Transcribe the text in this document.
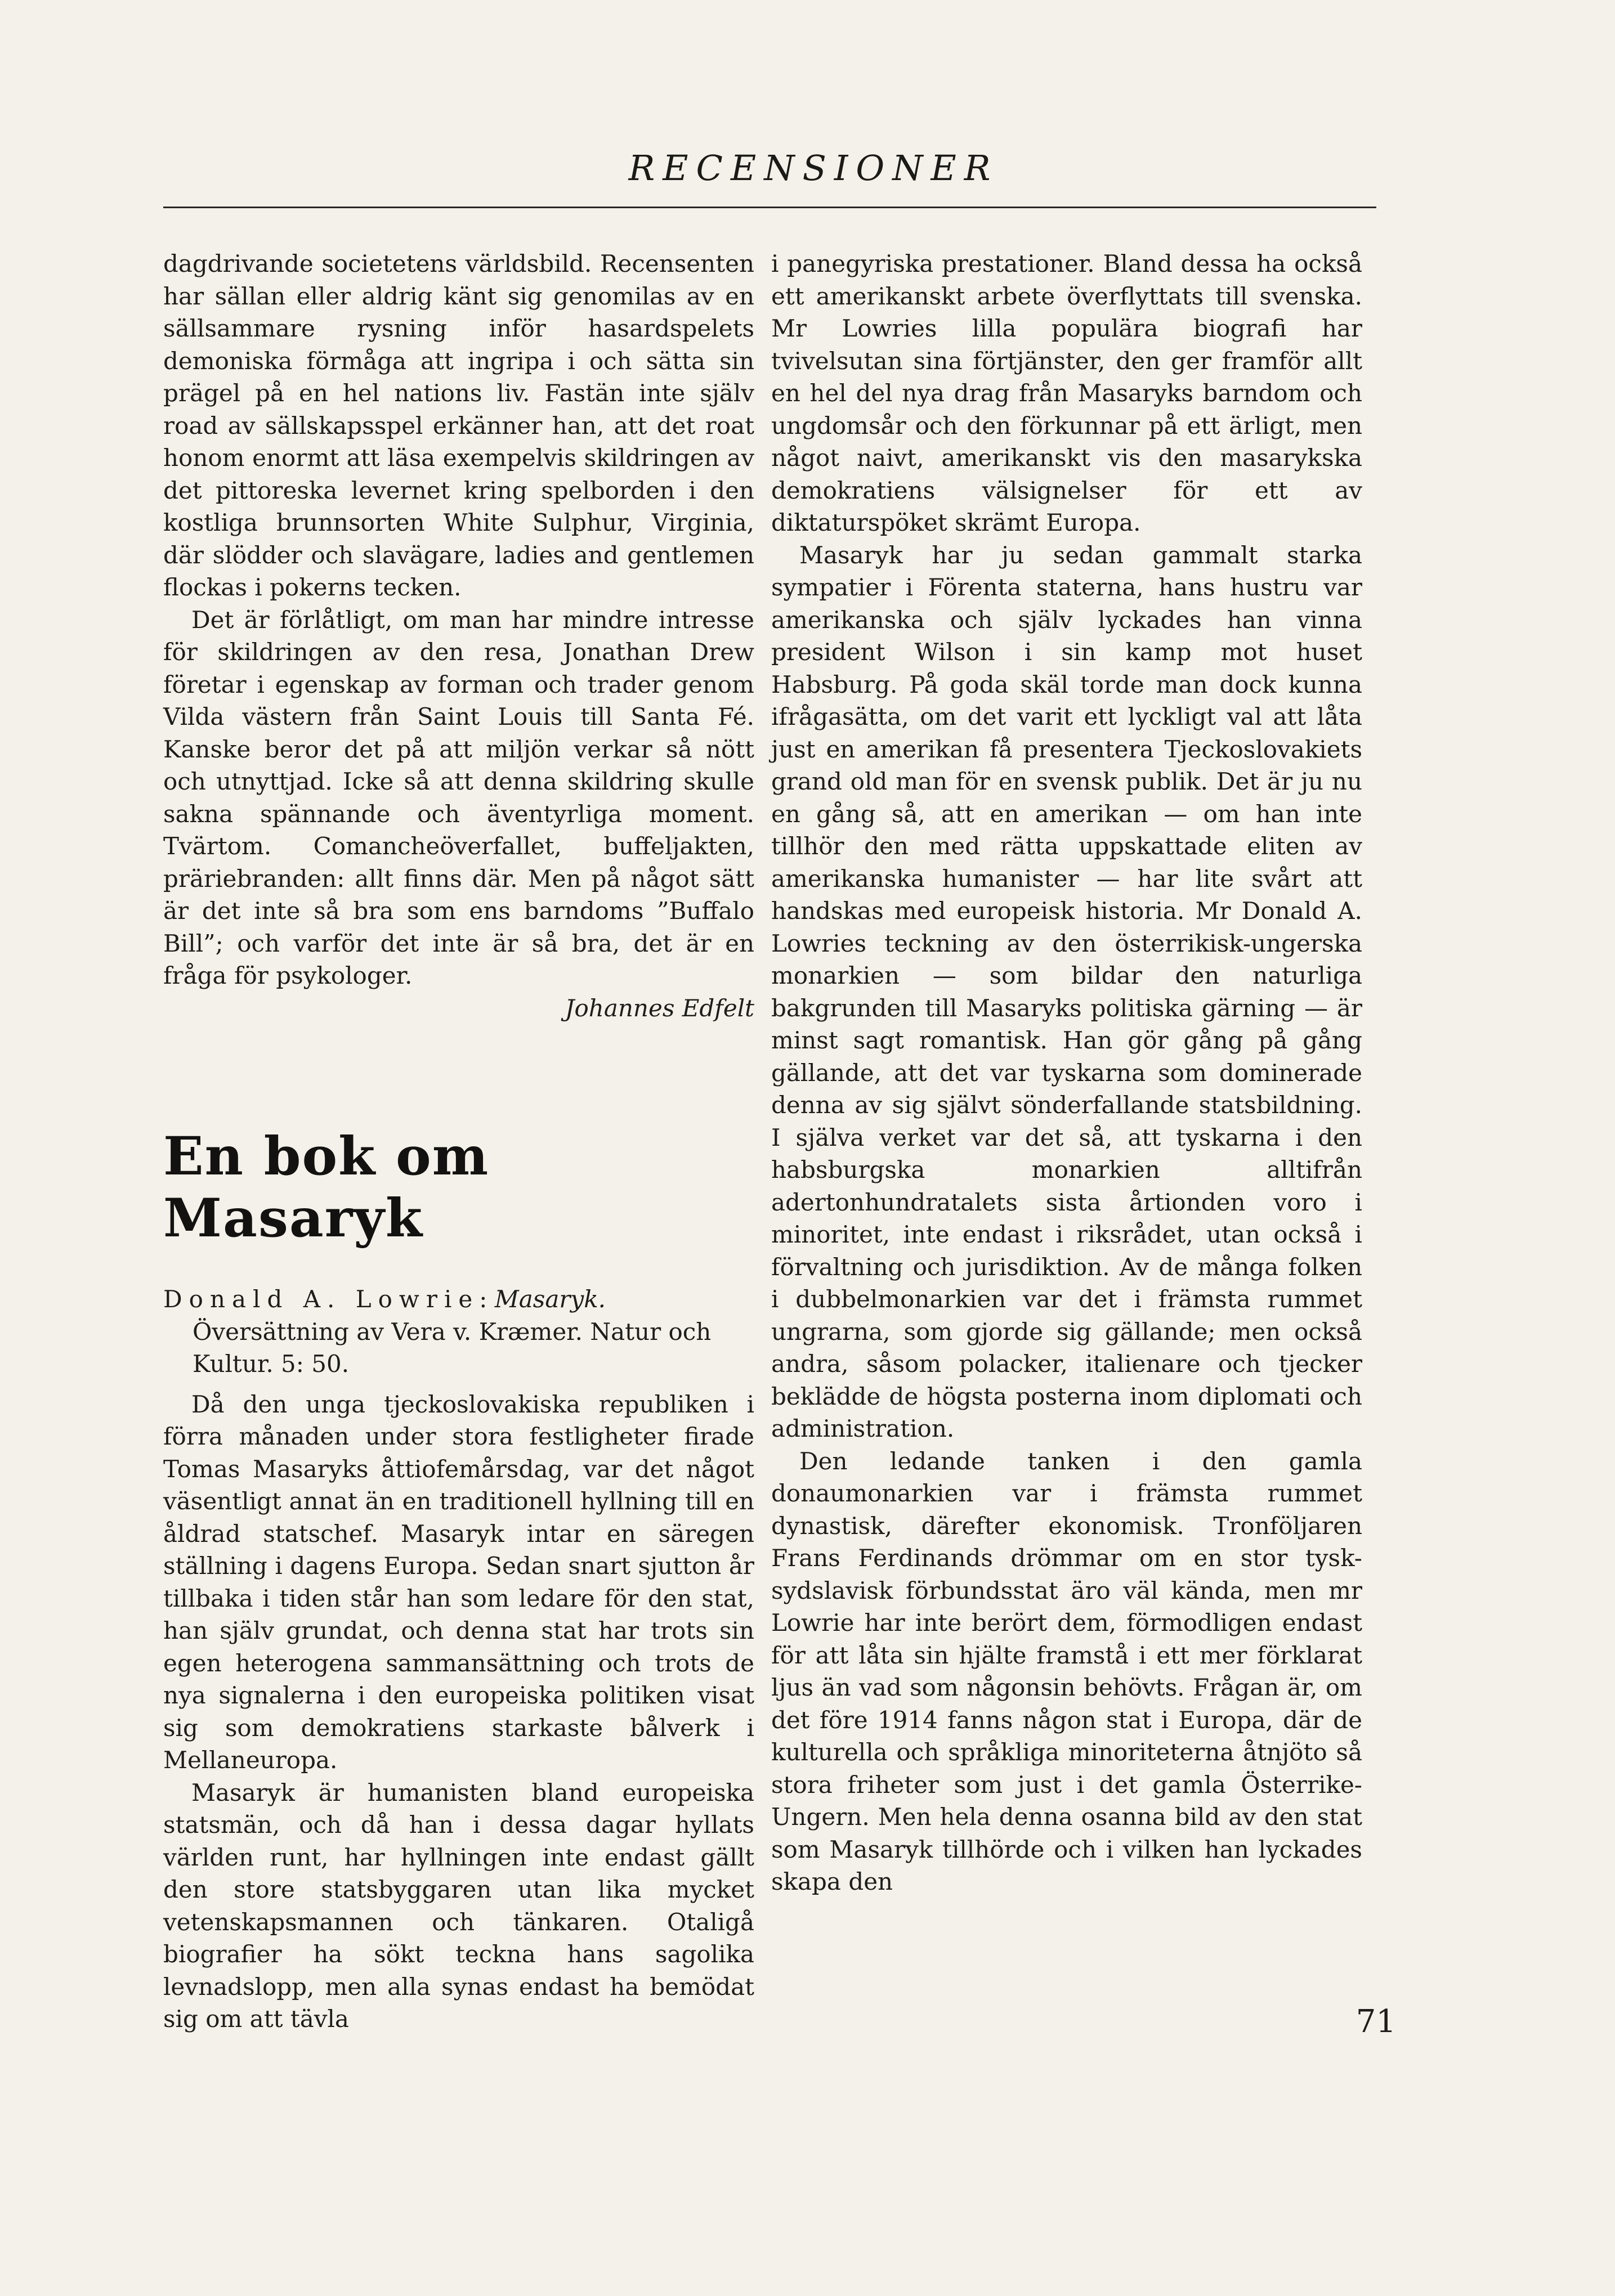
RECENSIONER

dagdrivande societetens världsbild. Recensenten har sällan eller aldrig känt sig genomilas av en sällsammare rysning inför hasardspelets demoniska förmåga att ingripa i och sätta sin prägel på en hel nations liv. Fastän inte själv road av sällskapsspel erkänner han, att det roat honom enormt att läsa exempelvis skildringen av det pittoreska levernet kring spelborden i den kostliga brunnsorten White Sulphur, Virginia, där slödder och slavägare, ladies and gentlemen flockas i pokerns tecken.

Det är förlåtligt, om man har mindre intresse för skildringen av den resa, Jonathan Drew företar i egenskap av forman och trader genom Vilda västern från Saint Louis till Santa Fé. Kanske beror det på att miljön verkar så nött och utnyttjad. Icke så att denna skildring skulle sakna spännande och äventyrliga moment. Tvärtom. Comancheöverfallet, buffeljakten, präriebranden: allt finns där. Men på något sätt är det inte så bra som ens barndoms ”Buffalo Bill”; och varför det inte är så bra, det är en fråga för psykologer.

Johannes Edfelt

En bok om Masaryk

Donald A. Lowrie: Masaryk. Översättning av Vera v. Kræmer. Natur och Kultur. 5: 50.

Då den unga tjeckoslovakiska republiken i förra månaden under stora festligheter firade Tomas Masaryks åttiofemårsdag, var det något väsentligt annat än en traditionell hyllning till en åldrad statschef. Masaryk intar en säregen ställning i dagens Europa. Sedan snart sjutton år tillbaka i tiden står han som ledare för den stat, han själv grundat, och denna stat har trots sin egen heterogena sammansättning och trots de nya signalerna i den europeiska politiken visat sig som demokratiens starkaste bålverk i Mellaneuropa.

Masaryk är humanisten bland europeiska statsmän, och då han i dessa dagar hyllats världen runt, har hyllningen inte endast gällt den store statsbyggaren utan lika mycket vetenskapsmannen och tänkaren. Otaligå biografier ha sökt teckna hans sagolika levnadslopp, men alla synas endast ha bemödat sig om att tävla

i panegyriska prestationer. Bland dessa ha också ett amerikanskt arbete överflyttats till svenska. Mr Lowries lilla populära biografi har tvivelsutan sina förtjänster, den ger framför allt en hel del nya drag från Masaryks barndom och ungdomsår och den förkunnar på ett ärligt, men något naivt, amerikanskt vis den masarykska demokratiens välsignelser för ett av diktaturspöket skrämt Europa.

Masaryk har ju sedan gammalt starka sympatier i Förenta staterna, hans hustru var amerikanska och själv lyckades han vinna president Wilson i sin kamp mot huset Habsburg. På goda skäl torde man dock kunna ifrågasätta, om det varit ett lyckligt val att låta just en amerikan få presentera Tjeckoslovakiets grand old man för en svensk publik. Det är ju nu en gång så, att en amerikan — om han inte tillhör den med rätta uppskattade eliten av amerikanska humanister — har lite svårt att handskas med europeisk historia. Mr Donald A. Lowries teckning av den österrikisk-ungerska monarkien — som bildar den naturliga bakgrunden till Masaryks politiska gärning — är minst sagt romantisk. Han gör gång på gång gällande, att det var tyskarna som dominerade denna av sig självt sönderfallande statsbildning. I själva verket var det så, att tyskarna i den habsburgska monarkien alltifrån adertonhundratalets sista årtionden voro i minoritet, inte endast i riksrådet, utan också i förvaltning och jurisdiktion. Av de många folken i dubbelmonarkien var det i främsta rummet ungrarna, som gjorde sig gällande; men också andra, såsom polacker, italienare och tjecker beklädde de högsta posterna inom diplomati och administration.

Den ledande tanken i den gamla donaumonarkien var i främsta rummet dynastisk, därefter ekonomisk. Tronföljaren Frans Ferdinands drömmar om en stor tysk-sydslavisk förbundsstat äro väl kända, men mr Lowrie har inte berört dem, förmodligen endast för att låta sin hjälte framstå i ett mer förklarat ljus än vad som någonsin behövts. Frågan är, om det före 1914 fanns någon stat i Europa, där de kulturella och språkliga minoriteterna åtnjöto så stora friheter som just i det gamla Österrike-Ungern. Men hela denna osanna bild av den stat som Masaryk tillhörde och i vilken han lyckades skapa den

71
